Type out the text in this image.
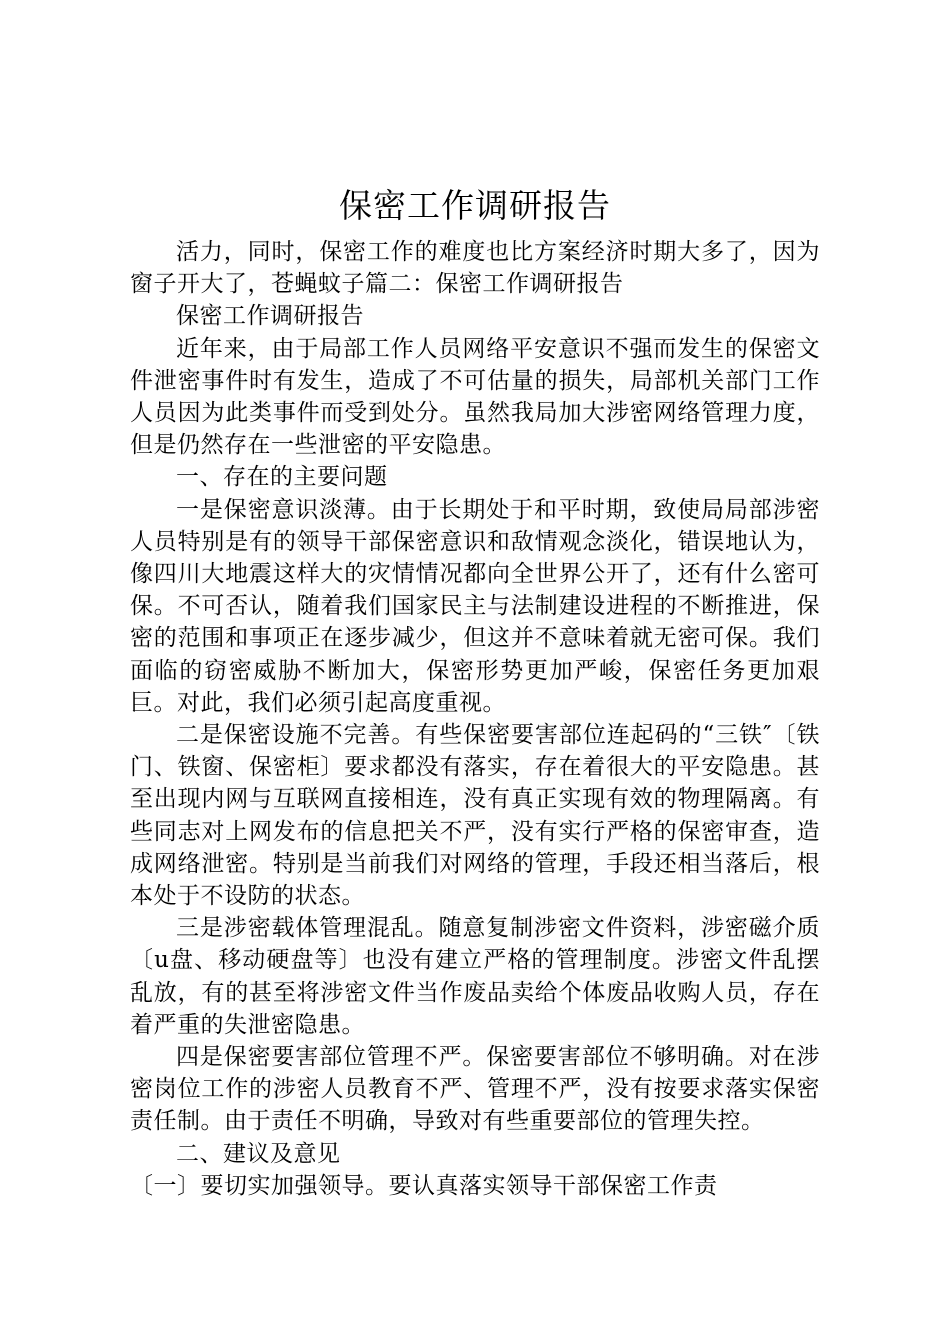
保密工作调研报告

活力，同时，保密工作的难度也比方案经济时期大多了，因为窗子开大了，苍蝇蚊子篇二：保密工作调研报告

保密工作调研报告

近年来，由于局部工作人员网络平安意识不强而发生的保密文件泄密事件时有发生，造成了不可估量的损失，局部机关部门工作人员因为此类事件而受到处分。虽然我局加大涉密网络管理力度，但是仍然存在一些泄密的平安隐患。

一、存在的主要问题

一是保密意识淡薄。由于长期处于和平时期，致使局局部涉密人员特别是有的领导干部保密意识和敌情观念淡化，错误地认为，像四川大地震这样大的灾情情况都向全世界公开了，还有什么密可保。不可否认，随着我们国家民主与法制建设进程的不断推进，保密的范围和事项正在逐步减少，但这并不意味着就无密可保。我们面临的窃密威胁不断加大，保密形势更加严峻，保密任务更加艰巨。对此，我们必须引起高度重视。

二是保密设施不完善。有些保密要害部位连起码的“三铁″〔铁门、铁窗、保密柜〕要求都没有落实，存在着很大的平安隐患。甚至出现内网与互联网直接相连，没有真正实现有效的物理隔离。有些同志对上网发布的信息把关不严，没有实行严格的保密审查，造成网络泄密。特别是当前我们对网络的管理，手段还相当落后，根本处于不设防的状态。

三是涉密载体管理混乱。随意复制涉密文件资料，涉密磁介质〔u盘、移动硬盘等〕也没有建立严格的管理制度。涉密文件乱摆乱放，有的甚至将涉密文件当作废品卖给个体废品收购人员，存在着严重的失泄密隐患。

四是保密要害部位管理不严。保密要害部位不够明确。对在涉密岗位工作的涉密人员教育不严、管理不严，没有按要求落实保密责任制。由于责任不明确，导致对有些重要部位的管理失控。

二、建议及意见

〔一〕要切实加强领导。要认真落实领导干部保密工作责
